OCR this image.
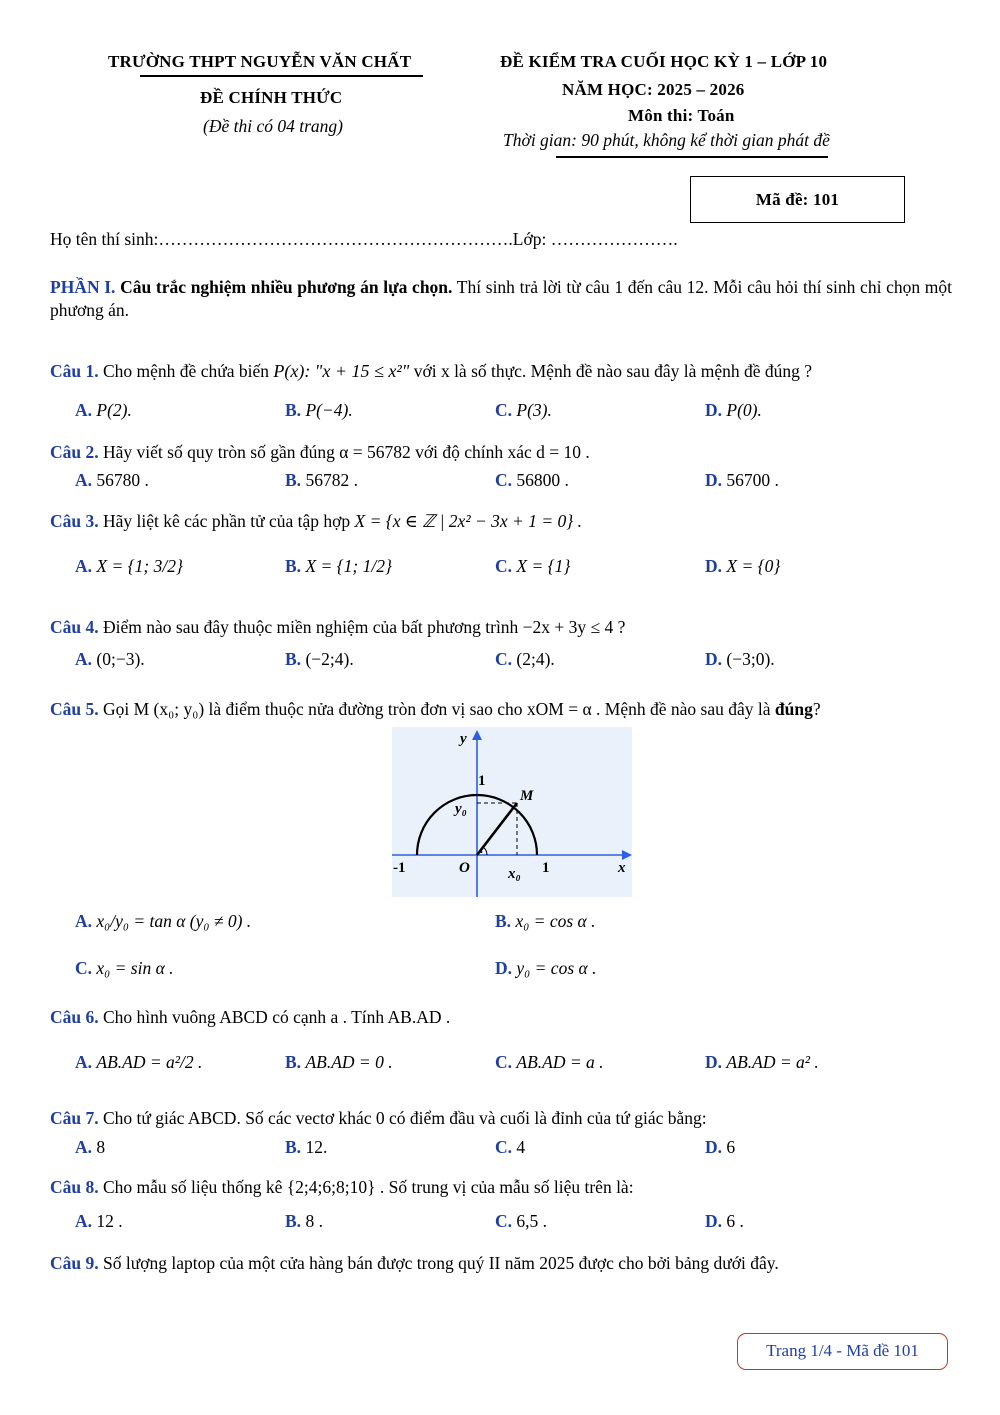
TRƯỜNG THPT NGUYỄN VĂN CHẤT
ĐỀ CHÍNH THỨC
(Đề thi có 04 trang)
ĐỀ KIỂM TRA CUỐI HỌC KỲ 1 – LỚP 10
NĂM HỌC: 2025 – 2026
Môn thi: Toán
Thời gian: 90 phút, không kể thời gian phát đề
Mã đề: 101
Họ tên thí sinh:…………………………………………………….Lớp: ………………….
PHẦN I. Câu trắc nghiệm nhiều phương án lựa chọn. Thí sinh trả lời từ câu 1 đến câu 12. Mỗi câu hỏi thí sinh chỉ chọn một phương án.
Câu 1. Cho mệnh đề chứa biến P(x): "x + 15 ≤ x²" với x là số thực. Mệnh đề nào sau đây là mệnh đề đúng ?
A. P(2).	B. P(−4).	C. P(3).	D. P(0).
Câu 2. Hãy viết số quy tròn số gần đúng α = 56782 với độ chính xác d = 10 .
A. 56780 .	B. 56782 .	C. 56800 .	D. 56700 .
Câu 3. Hãy liệt kê các phần tử của tập hợp X = {x ∈ ℤ | 2x² − 3x + 1 = 0} .
A. X = {1; 3/2}	B. X = {1; 1/2}	C. X = {1}	D. X = {0}
Câu 4. Điểm nào sau đây thuộc miền nghiệm của bất phương trình −2x + 3y ≤ 4 ?
A. (0;−3).	B. (−2;4).	C. (2;4).	D. (−3;0).
Câu 5. Gọi M (x₀; y₀) là điểm thuộc nửa đường tròn đơn vị sao cho xOM = α . Mệnh đề nào sau đây là đúng?
•
y
1
y₀
M
-1	O	x₀ 1	x
A. x₀/y₀ = tan α (y₀ ≠ 0) .	B. x₀ = cos α .
C. x₀ = sin α .	D. y₀ = cos α .
Câu 6. Cho hình vuông ABCD có cạnh a . Tính AB.AD .
A. AB.AD = a²/2 .	B. AB.AD = 0 .	C. AB.AD = a .	D. AB.AD = a² .
Câu 7. Cho tứ giác ABCD. Số các vectơ khác 0 có điểm đầu và cuối là đỉnh của tứ giác bằng:
A. 8	B. 12.	C. 4	D. 6
Câu 8. Cho mẫu số liệu thống kê {2;4;6;8;10} . Số trung vị của mẫu số liệu trên là:
A. 12 .	B. 8 .	C. 6,5 .	D. 6 .
Câu 9. Số lượng laptop của một cửa hàng bán được trong quý II năm 2025 được cho bởi bảng dưới đây.
Trang 1/4 - Mã đề 101
